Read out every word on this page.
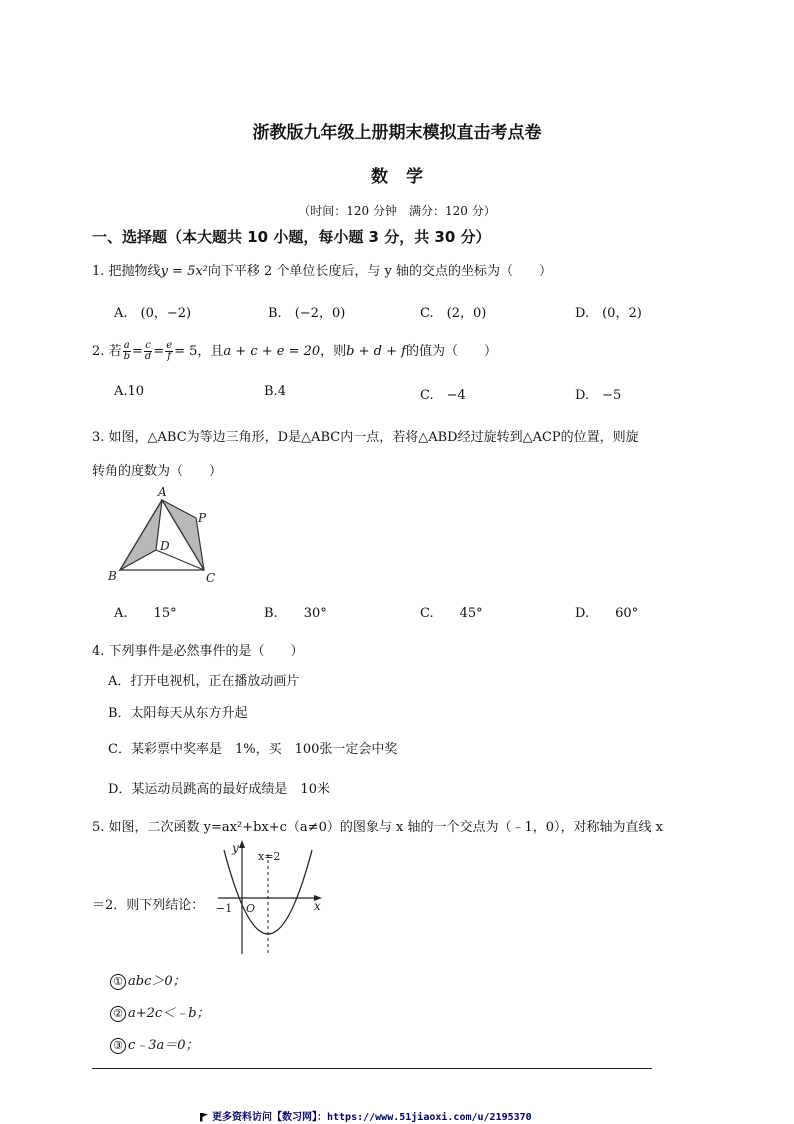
浙教版九年级上册期末模拟直击考点卷
数学
（时间：120 分钟　满分：120 分）
一、选择题（本大题共 10 小题，每小题 3 分，共 30 分）
1. 把抛物线y = 5x²向下平移 2 个单位长度后，与 y 轴的交点的坐标为（　　）
A.　 (0，−2)	B.　 (−2，0)	C.　 (2，0)	D.　 (0，2)
2. 若 $\frac{a}{b} = \frac{c}{d} = \frac{e}{f} = 5$，且a + c + e = 20，则b + d + f的值为（　　）
A.10	B.4	C.　 −4	D.　 −5
3. 如图，△ABC为等边三角形，D是△ABC内一点，若将△ABD经过旋转到△ACP的位置，则旋
转角的度数为（　　）
A
B	C
D
P
A.　　 15°	B.　　 30°	C.　　 45°	D.　　 60°
4. 下列事件是必然事件的是（　　）
A．打开电视机，正在播放动画片
B．太阳每天从东方升起
C．某彩票中奖率是　1%，买　100张一定会中奖
D．某运动员跳高的最好成绩是　10米
5. 如图，二次函数 y=ax²+bx+c（a≠0）的图象与 x 轴的一个交点为（﹣1，0），对称轴为直线 x
＝2．则下列结论：
y
x
x=2
−1 O
① abc＞0；
② a+2c＜﹣b；
③ c﹣3a＝0；
更多资料访问【数习网】：https://www.51jiaoxi.com/u/2195370
